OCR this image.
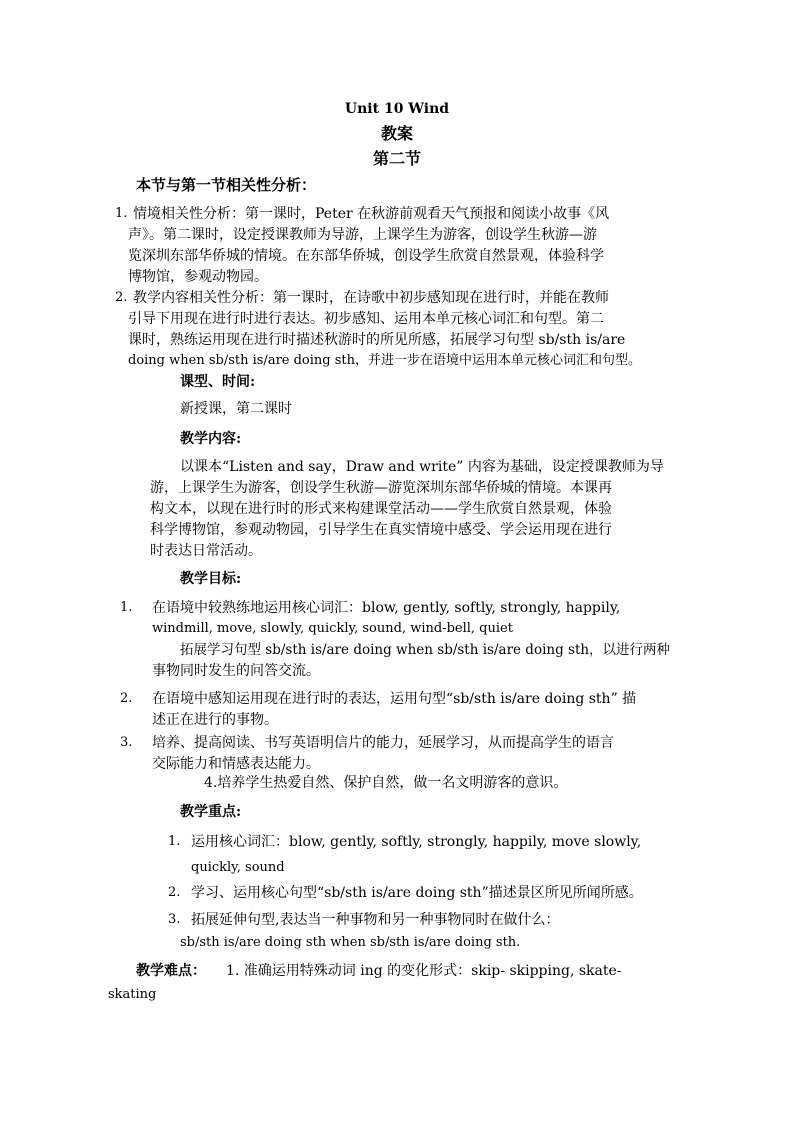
Unit 10 Wind
教案
第二节
本节与第一节相关性分析：
1. 情境相关性分析：第一课时，Peter 在秋游前观看天气预报和阅读小故事《风
声》。第二课时，设定授课教师为导游，上课学生为游客，创设学生秋游—游
览深圳东部华侨城的情境。在东部华侨城，创设学生欣赏自然景观，体验科学
博物馆，参观动物园。
2. 教学内容相关性分析：第一课时，在诗歌中初步感知现在进行时，并能在教师
引导下用现在进行时进行表达。初步感知、运用本单元核心词汇和句型。第二
课时，熟练运用现在进行时描述秋游时的所见所感，拓展学习句型 sb/sth is/are
doing when sb/sth is/are doing sth，并进一步在语境中运用本单元核心词汇和句型。
课型、时间:
新授课，第二课时
教学内容:
以课本“Listen and say，Draw and write” 内容为基础，设定授课教师为导
游，上课学生为游客，创设学生秋游—游览深圳东部华侨城的情境。本课再
构文本，以现在进行时的形式来构建课堂活动——学生欣赏自然景观，体验
科学博物馆，参观动物园，引导学生在真实情境中感受、学会运用现在进行
时表达日常活动。
教学目标:
1. 在语境中较熟练地运用核心词汇：blow, gently, softly, strongly, happily,
windmill, move, slowly, quickly, sound, wind-bell, quiet
拓展学习句型 sb/sth is/are doing when sb/sth is/are doing sth，以进行两种
事物同时发生的问答交流。
2. 在语境中感知运用现在进行时的表达，运用句型“sb/sth is/are doing sth” 描
述正在进行的事物。
3. 培养、提高阅读、书写英语明信片的能力，延展学习，从而提高学生的语言
交际能力和情感表达能力。
4.培养学生热爱自然、保护自然，做一名文明游客的意识。
教学重点:
1. 运用核心词汇：blow, gently, softly, strongly, happily, move slowly,
quickly, sound
2. 学习、运用核心句型“sb/sth is/are doing sth”描述景区所见所闻所感。
3. 拓展延伸句型,表达当一种事物和另一种事物同时在做什么：
sb/sth is/are doing sth when sb/sth is/are doing sth.
教学难点： 1. 准确运用特殊动词 ing 的变化形式：skip- skipping, skate-
skating
